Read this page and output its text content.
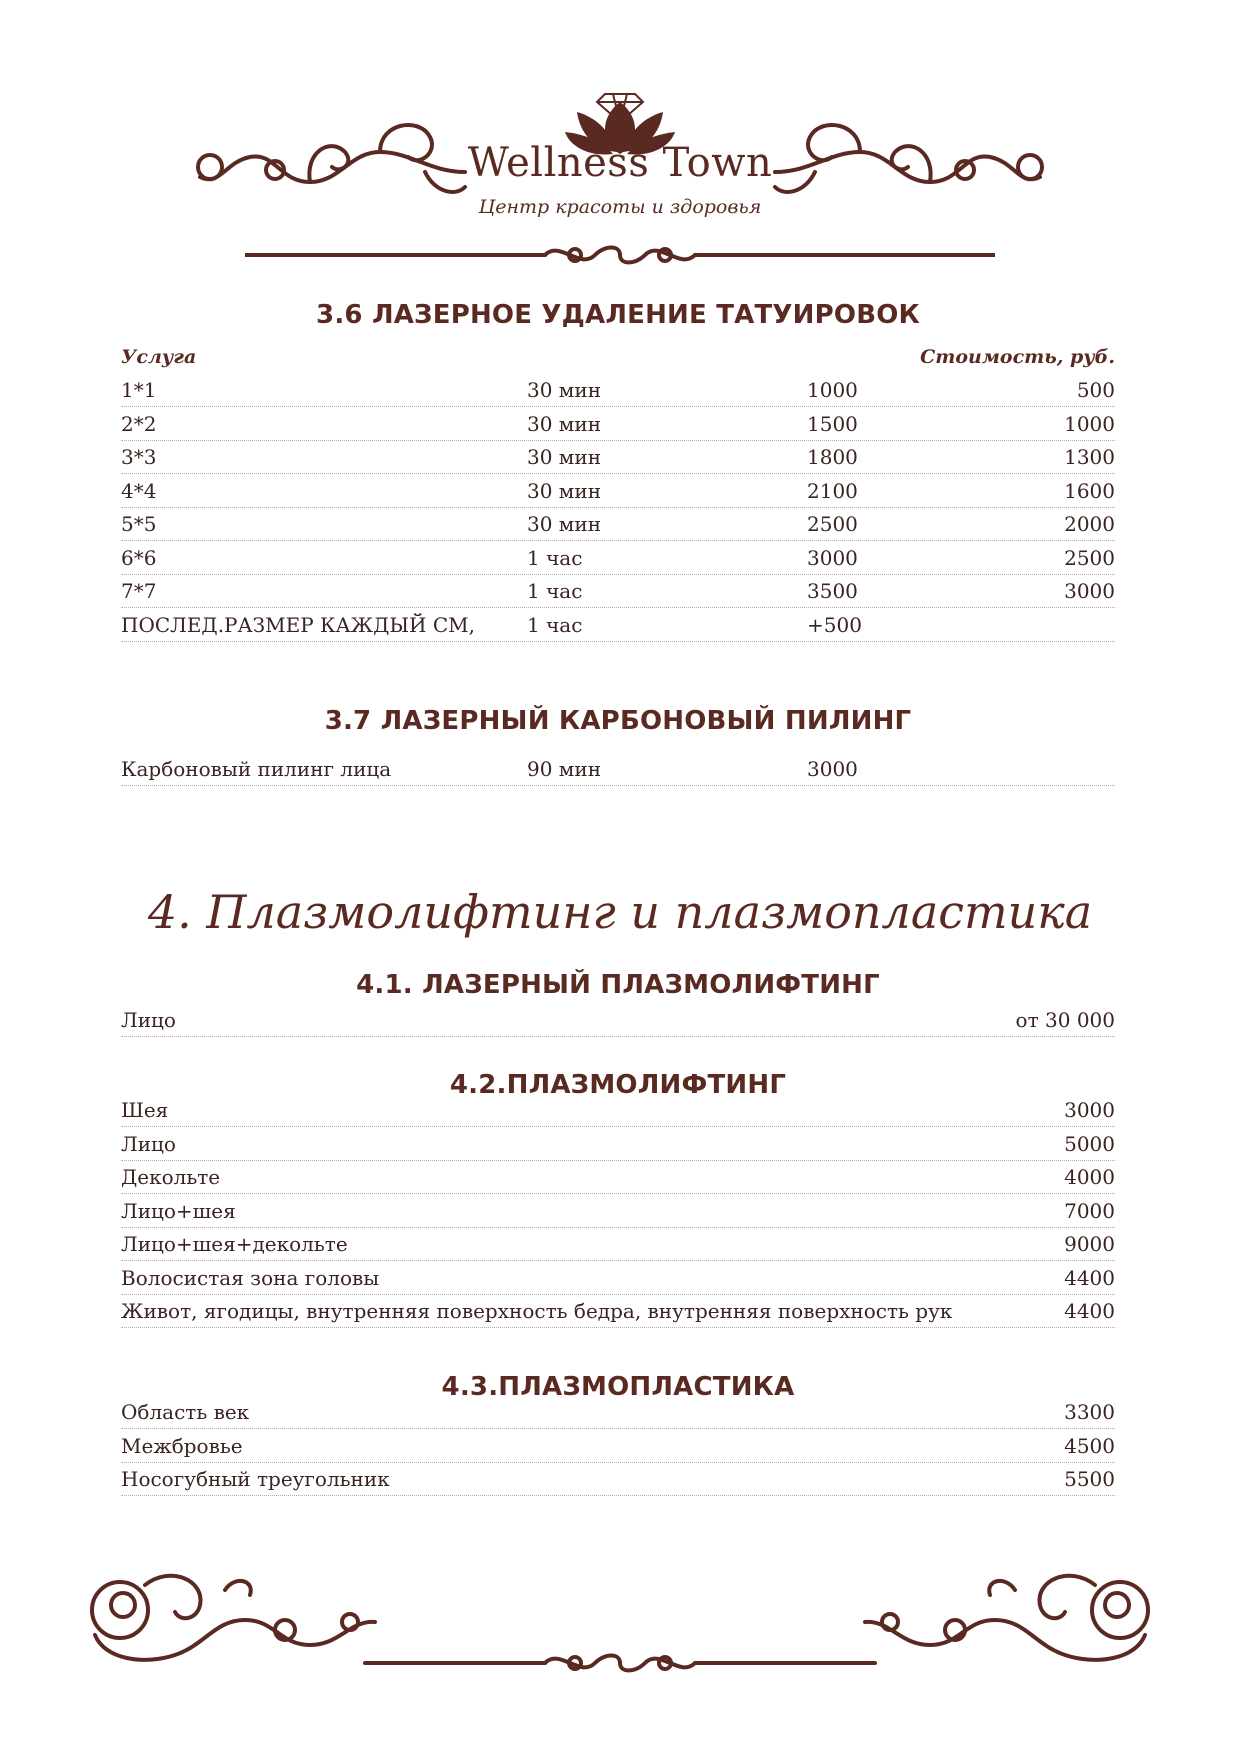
Wellness Town
Центр красоты и здоровья
3.6 ЛАЗЕРНОЕ УДАЛЕНИЕ ТАТУИРОВОК
Услуга	Стоимость, руб.
1*1	30 мин	1000	500
2*2	30 мин	1500	1000
3*3	30 мин	1800	1300
4*4	30 мин	2100	1600
5*5	30 мин	2500	2000
6*6	1 час	3000	2500
7*7	1 час	3500	3000
ПОСЛЕД.РАЗМЕР КАЖДЫЙ СМ,	1 час	+500
3.7 ЛАЗЕРНЫЙ КАРБОНОВЫЙ ПИЛИНГ
Карбоновый пилинг лица	90 мин	3000
4.1. ЛАЗЕРНЫЙ ПЛАЗМОЛИФТИНГ
Лицо	от 30 000
4.2.ПЛАЗМОЛИФТИНГ
Шея	3000
Лицо	5000
Декольте	4000
Лицо+шея	7000
Лицо+шея+декольте	9000
Волосистая зона головы	4400
Живот, ягодицы, внутренняя поверхность бедра, внутренняя поверхность рук	4400
4.3.ПЛАЗМОПЛАСТИКА
Область век	3300
Межбровье	4500
Носогубный треугольник	5500
4. Плазмолифтинг и плазмопластика
